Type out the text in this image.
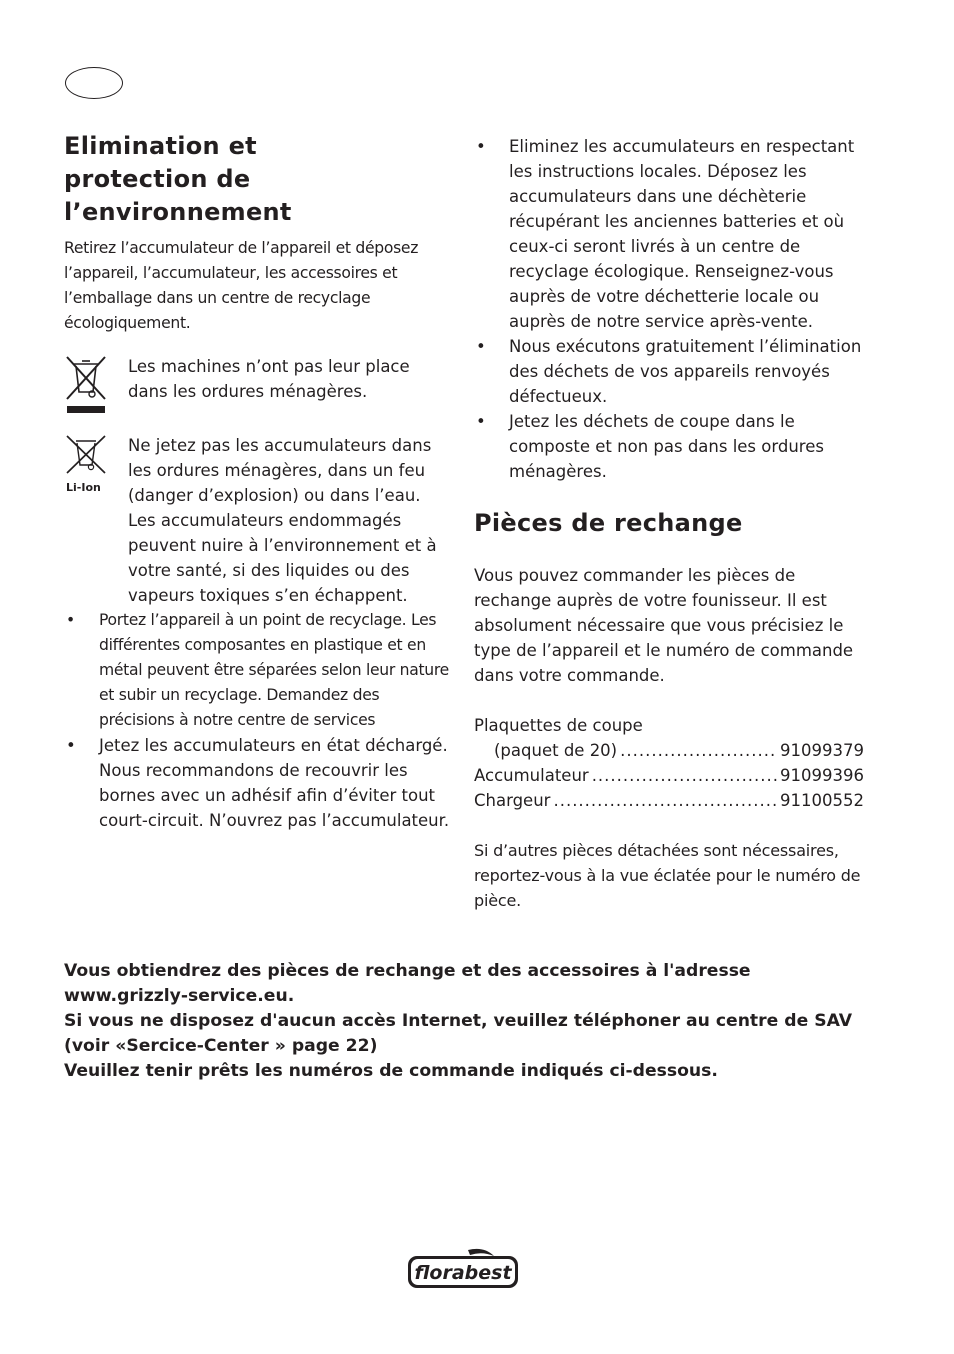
Elimination et
protection de
l’environnement

Retirez l’accumulateur de l’appareil et déposez l’appareil, l’accumulateur, les accessoires et l’emballage dans un centre de recyclage écologiquement.

Les machines n’ont pas leur place dans les ordures ménagères.
Li-Ion
Ne jetez pas les accumulateurs dans les ordures ménagères, dans un feu (danger d’explosion) ou dans l’eau. Les accumulateurs endommagés peuvent nuire à l’environnement et à votre santé, si des liquides ou des vapeurs toxiques s’en échappent.
• Portez l’appareil à un point de recyclage. Les différentes composantes en plastique et en métal peuvent être séparées selon leur nature et subir un recyclage. Demandez des précisions à notre centre de services
• Jetez les accumulateurs en état déchargé. Nous recommandons de recouvrir les bornes avec un adhésif afin d’éviter tout court-circuit. N’ouvrez pas l’accumulateur.
• Eliminez les accumulateurs en respectant les instructions locales. Déposez les accumulateurs dans une déchèterie récupérant les anciennes batteries et où ceux-ci seront livrés à un centre de recyclage écologique. Renseignez-vous auprès de votre déchetterie locale ou auprès de notre service après-vente.
• Nous exécutons gratuitement l’élimination des déchets de vos appareils renvoyés défectueux.
• Jetez les déchets de coupe dans le composte et non pas dans les ordures ménagères.
Pièces de rechange

Vous pouvez commander les pièces de rechange auprès de votre founisseur. Il est absolument nécessaire que vous précisiez le type de l’appareil et le numéro de commande dans votre commande.

Plaquettes de coupe
(paquet de 20) .....	91099379
Accumulateur .....	91099396
Chargeur .....	91100552

Si d’autres pièces détachées sont nécessaires, reportez-vous à la vue éclatée pour le numéro de pièce.

Vous obtiendrez des pièces de rechange et des accessoires à l'adresse www.grizzly-service.eu.
Si vous ne disposez d'aucun accès Internet, veuillez téléphoner au centre de SAV (voir «Sercice-Center » page 22)
Veuillez tenir prêts les numéros de commande indiqués ci-dessous.
florabest
